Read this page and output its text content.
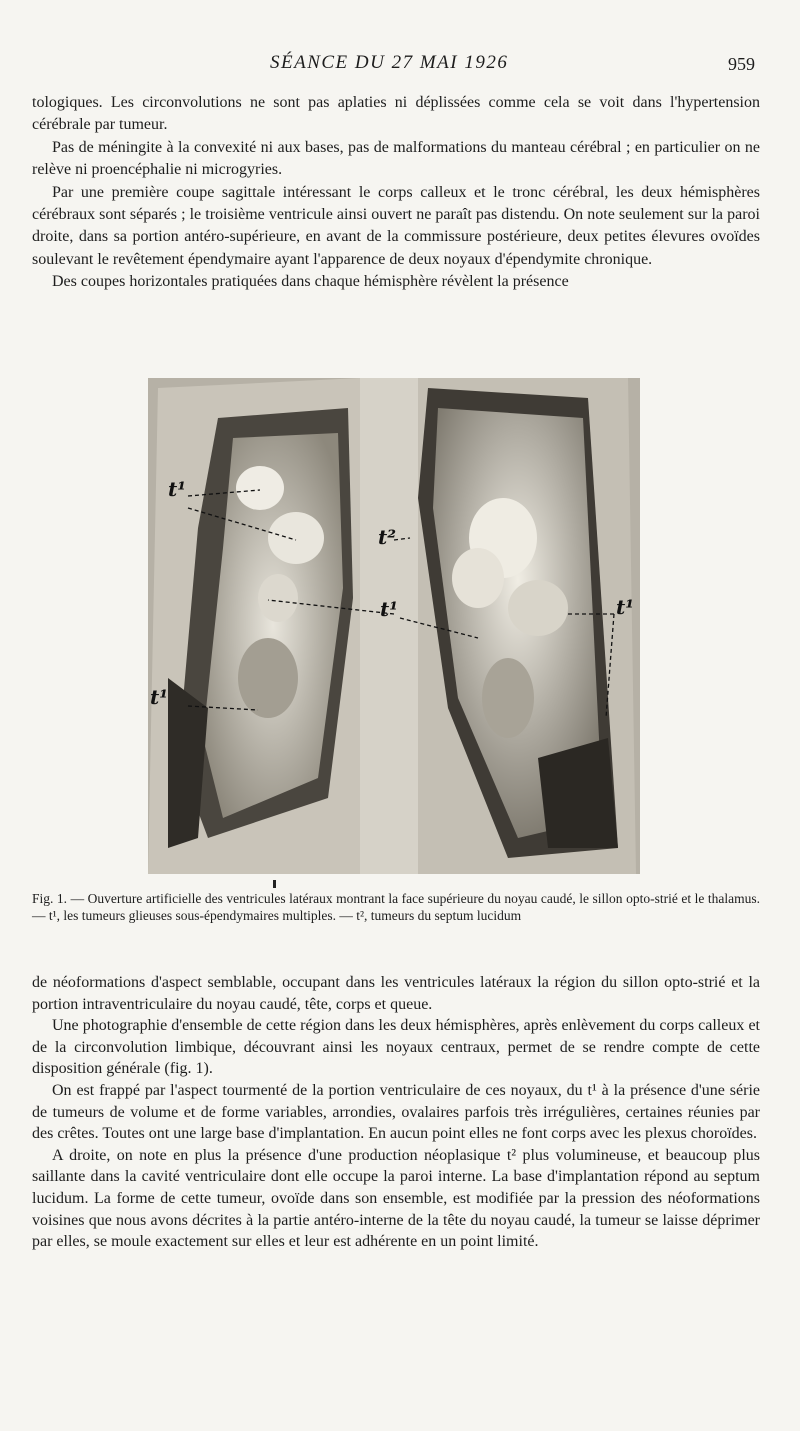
SÉANCE DU 27 MAI 1926	959

tologiques. Les circonvolutions ne sont pas aplaties ni déplissées comme cela se voit dans l'hypertension cérébrale par tumeur.

Pas de méningite à la convexité ni aux bases, pas de malformations du manteau cérébral ; en particulier on ne relève ni proencéphalie ni microgyries.

Par une première coupe sagittale intéressant le corps calleux et le tronc cérébral, les deux hémisphères cérébraux sont séparés ; le troisième ventricule ainsi ouvert ne paraît pas distendu. On note seulement sur la paroi droite, dans sa portion antéro-supérieure, en avant de la commissure postérieure, deux petites élevures ovoïdes soulevant le revêtement épendymaire ayant l'apparence de deux noyaux d'épendymite chronique.

Des coupes horizontales pratiquées dans chaque hémisphère révèlent la présence

t¹
t²
t¹	t¹
t¹
Fig. 1. — Ouverture artificielle des ventricules latéraux montrant la face supérieure du noyau caudé, le sillon opto-strié et le thalamus. — t¹, les tumeurs glieuses sous-épendymaires multiples. — t², tumeurs du septum lucidum

de néoformations d'aspect semblable, occupant dans les ventricules latéraux la région du sillon opto-strié et la portion intraventriculaire du noyau caudé, tête, corps et queue.

Une photographie d'ensemble de cette région dans les deux hémisphères, après enlèvement du corps calleux et de la circonvolution limbique, découvrant ainsi les noyaux centraux, permet de se rendre compte de cette disposition générale (fig. 1).

On est frappé par l'aspect tourmenté de la portion ventriculaire de ces noyaux, du t¹ à la présence d'une série de tumeurs de volume et de forme variables, arrondies, ovalaires parfois très irrégulières, certaines réunies par des crêtes. Toutes ont une large base d'implantation. En aucun point elles ne font corps avec les plexus choroïdes.

A droite, on note en plus la présence d'une production néoplasique t² plus volumineuse, et beaucoup plus saillante dans la cavité ventriculaire dont elle occupe la paroi interne. La base d'implantation répond au septum lucidum. La forme de cette tumeur, ovoïde dans son ensemble, est modifiée par la pression des néoformations voisines que nous avons décrites à la partie antéro-interne de la tête du noyau caudé, la tumeur se laisse déprimer par elles, se moule exactement sur elles et leur est adhérente en un point limité.
